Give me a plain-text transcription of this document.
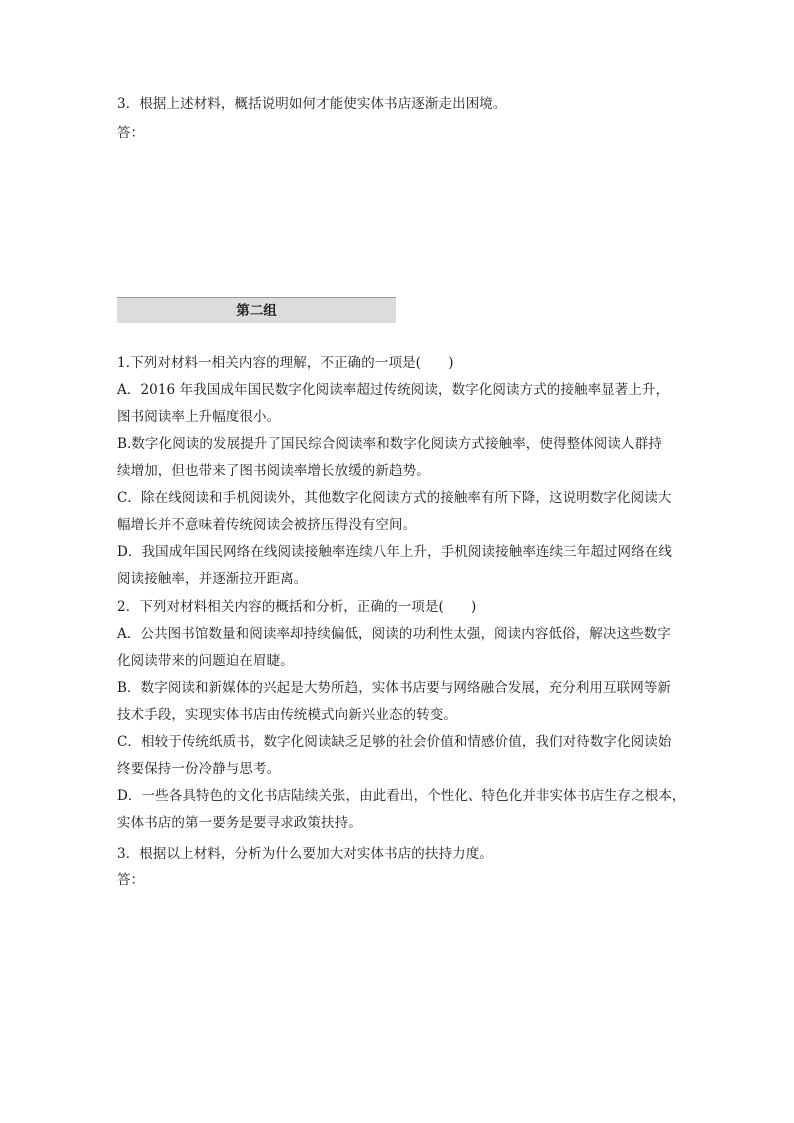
3．根据上述材料，概括说明如何才能使实体书店逐渐走出困境。
答：
第二组
1.下列对材料一相关内容的理解，不正确的一项是(　　)
A．2016 年我国成年国民数字化阅读率超过传统阅读，数字化阅读方式的接触率显著上升，
图书阅读率上升幅度很小。
B.数字化阅读的发展提升了国民综合阅读率和数字化阅读方式接触率，使得整体阅读人群持
续增加，但也带来了图书阅读率增长放缓的新趋势。
C．除在线阅读和手机阅读外，其他数字化阅读方式的接触率有所下降，这说明数字化阅读大
幅增长并不意味着传统阅读会被挤压得没有空间。
D．我国成年国民网络在线阅读接触率连续八年上升，手机阅读接触率连续三年超过网络在线
阅读接触率，并逐渐拉开距离。
2．下列对材料相关内容的概括和分析，正确的一项是(　　)
A．公共图书馆数量和阅读率却持续偏低，阅读的功利性太强，阅读内容低俗，解决这些数字
化阅读带来的问题迫在眉睫。
B．数字阅读和新媒体的兴起是大势所趋，实体书店要与网络融合发展，充分利用互联网等新
技术手段，实现实体书店由传统模式向新兴业态的转变。
C．相较于传统纸质书，数字化阅读缺乏足够的社会价值和情感价值，我们对待数字化阅读始
终要保持一份冷静与思考。
D．一些各具特色的文化书店陆续关张，由此看出，个性化、特色化并非实体书店生存之根本，
实体书店的第一要务是要寻求政策扶持。
3．根据以上材料，分析为什么要加大对实体书店的扶持力度。
答：
